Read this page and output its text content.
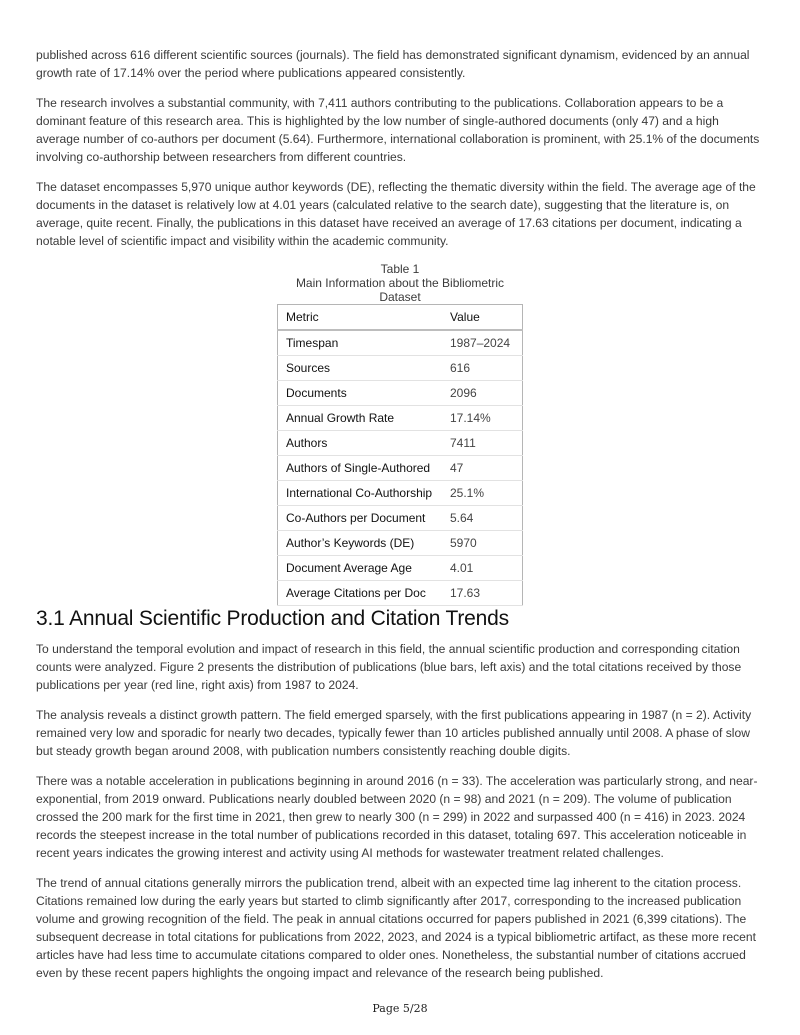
published across 616 different scientific sources (journals). The field has demonstrated significant dynamism, evidenced by an annual growth rate of 17.14% over the period where publications appeared consistently.

The research involves a substantial community, with 7,411 authors contributing to the publications. Collaboration appears to be a dominant feature of this research area. This is highlighted by the low number of single-authored documents (only 47) and a high average number of co-authors per document (5.64). Furthermore, international collaboration is prominent, with 25.1% of the documents involving co-authorship between researchers from different countries.

The dataset encompasses 5,970 unique author keywords (DE), reflecting the thematic diversity within the field. The average age of the documents in the dataset is relatively low at 4.01 years (calculated relative to the search date), suggesting that the literature is, on average, quite recent. Finally, the publications in this dataset have received an average of 17.63 citations per document, indicating a notable level of scientific impact and visibility within the academic community.

Table 1
Main Information about the Bibliometric Dataset
Metric	Value
Timespan	1987–2024
Sources	616
Documents	2096
Annual Growth Rate	17.14%
Authors	7411
Authors of Single-Authored	47
International Co-Authorship	25.1%
Co-Authors per Document	5.64
Author’s Keywords (DE)	5970
Document Average Age	4.01
Average Citations per Doc	17.63
3.1 Annual Scientific Production and Citation Trends

To understand the temporal evolution and impact of research in this field, the annual scientific production and corresponding citation counts were analyzed. Figure 2 presents the distribution of publications (blue bars, left axis) and the total citations received by those publications per year (red line, right axis) from 1987 to 2024.

The analysis reveals a distinct growth pattern. The field emerged sparsely, with the first publications appearing in 1987 (n = 2). Activity remained very low and sporadic for nearly two decades, typically fewer than 10 articles published annually until 2008. A phase of slow but steady growth began around 2008, with publication numbers consistently reaching double digits.

There was a notable acceleration in publications beginning in around 2016 (n = 33). The acceleration was particularly strong, and near-exponential, from 2019 onward. Publications nearly doubled between 2020 (n = 98) and 2021 (n = 209). The volume of publication crossed the 200 mark for the first time in 2021, then grew to nearly 300 (n = 299) in 2022 and surpassed 400 (n = 416) in 2023. 2024 records the steepest increase in the total number of publications recorded in this dataset, totaling 697. This acceleration noticeable in recent years indicates the growing interest and activity using AI methods for wastewater treatment related challenges.

The trend of annual citations generally mirrors the publication trend, albeit with an expected time lag inherent to the citation process. Citations remained low during the early years but started to climb significantly after 2017, corresponding to the increased publication volume and growing recognition of the field. The peak in annual citations occurred for papers published in 2021 (6,399 citations). The subsequent decrease in total citations for publications from 2022, 2023, and 2024 is a typical bibliometric artifact, as these more recent articles have had less time to accumulate citations compared to older ones. Nonetheless, the substantial number of citations accrued even by these recent papers highlights the ongoing impact and relevance of the research being published.

Page 5/28
